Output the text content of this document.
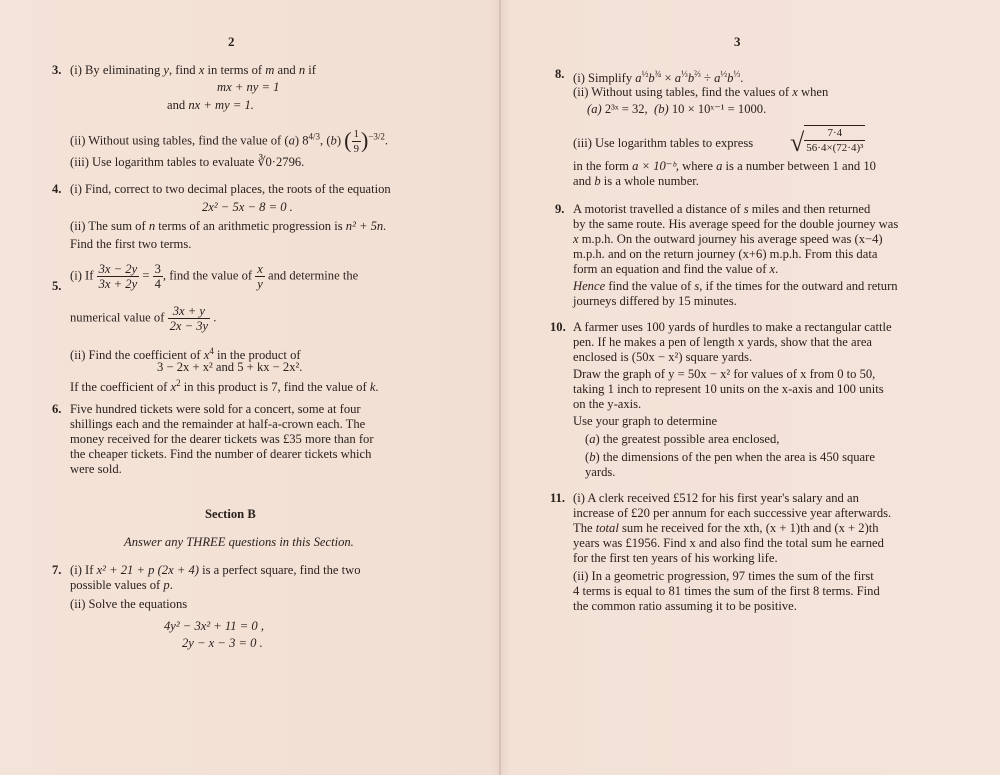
2
3. (i) By eliminating y, find x in terms of m and n if
mx + ny = 1
and nx + my = 1.
(ii) Without using tables, find the value of (a) $8^{4/3}$, (b) ( $\frac{1}{9} )^{-3/2}$.
(iii) Use logarithm tables to evaluate ∛0·2796.
4. (i) Find, correct to two decimal places, the roots of the equation
2x² − 5x − 8 = 0 .
(ii) The sum of n terms of an arithmetic progression is n² + 5n.
Find the first two terms.
5.
(i) If $\frac{3x - 2y}{3x + 2y} = \frac{3}{4}$ , find the value of $\frac{x}{y}$ and determine the
numerical value of $\frac{3x + y}{2x - 3y}$ .
(ii) Find the coefficient of $x^4$ in the product of
3 − 2x + x² and 5 + kx − 2x².
If the coefficient of $x^2$ in this product is 7, find the value of k.
6. Five hundred tickets were sold for a concert, some at four
shillings each and the remainder at half-a-crown each. The
money received for the dearer tickets was £35 more than for
the cheaper tickets. Find the number of dearer tickets which
were sold.
Section B
Answer any THREE questions in this Section.
7. (i) If x² + 21 + p (2x + 4) is a perfect square, find the two
possible values of p.
(ii) Solve the equations
4y² − 3x² + 11 = 0 ,
2y − x − 3 = 0 .
3
8. (i) Simplify $a^{\frac{1}{2}}b^{\frac{3}{4}} \times a^{\frac{1}{3}}b^{\frac{2}{3}} \div a^{\frac{1}{2}}b^{\frac{1}{3}}$.
(ii) Without using tables, find the values of x when
(a) 2³ˣ = 32, (b) 10 × 10ˣ⁻¹ = 1000.
(iii) Use logarithm tables to express √ $\frac{7\cdot 4}{\text{56·4×(72·4)³}}$
in the form a × 10⁻ᵇ, where a is a number between 1 and 10
and b is a whole number.
9. A motorist travelled a distance of s miles and then returned
by the same route. His average speed for the double journey was
x m.p.h. On the outward journey his average speed was (x−4)
m.p.h. and on the return journey (x+6) m.p.h. From this data
form an equation and find the value of x.
Hence find the value of s, if the times for the outward and return
journeys differed by 15 minutes.
10. A farmer uses 100 yards of hurdles to make a rectangular cattle
pen. If he makes a pen of length x yards, show that the area
enclosed is (50x − x²) square yards.
Draw the graph of y = 50x − x² for values of x from 0 to 50,
taking 1 inch to represent 10 units on the x-axis and 100 units
on the y-axis.
Use your graph to determine
(a) the greatest possible area enclosed,
(b) the dimensions of the pen when the area is 450 square
yards.
11. (i) A clerk received £512 for his first year's salary and an
increase of £20 per annum for each successive year afterwards.
The total sum he received for the xth, (x + 1)th and (x + 2)th
years was £1956. Find x and also find the total sum he earned
for the first ten years of his working life.
(ii) In a geometric progression, 97 times the sum of the first
4 terms is equal to 81 times the sum of the first 8 terms. Find
the common ratio assuming it to be positive.
